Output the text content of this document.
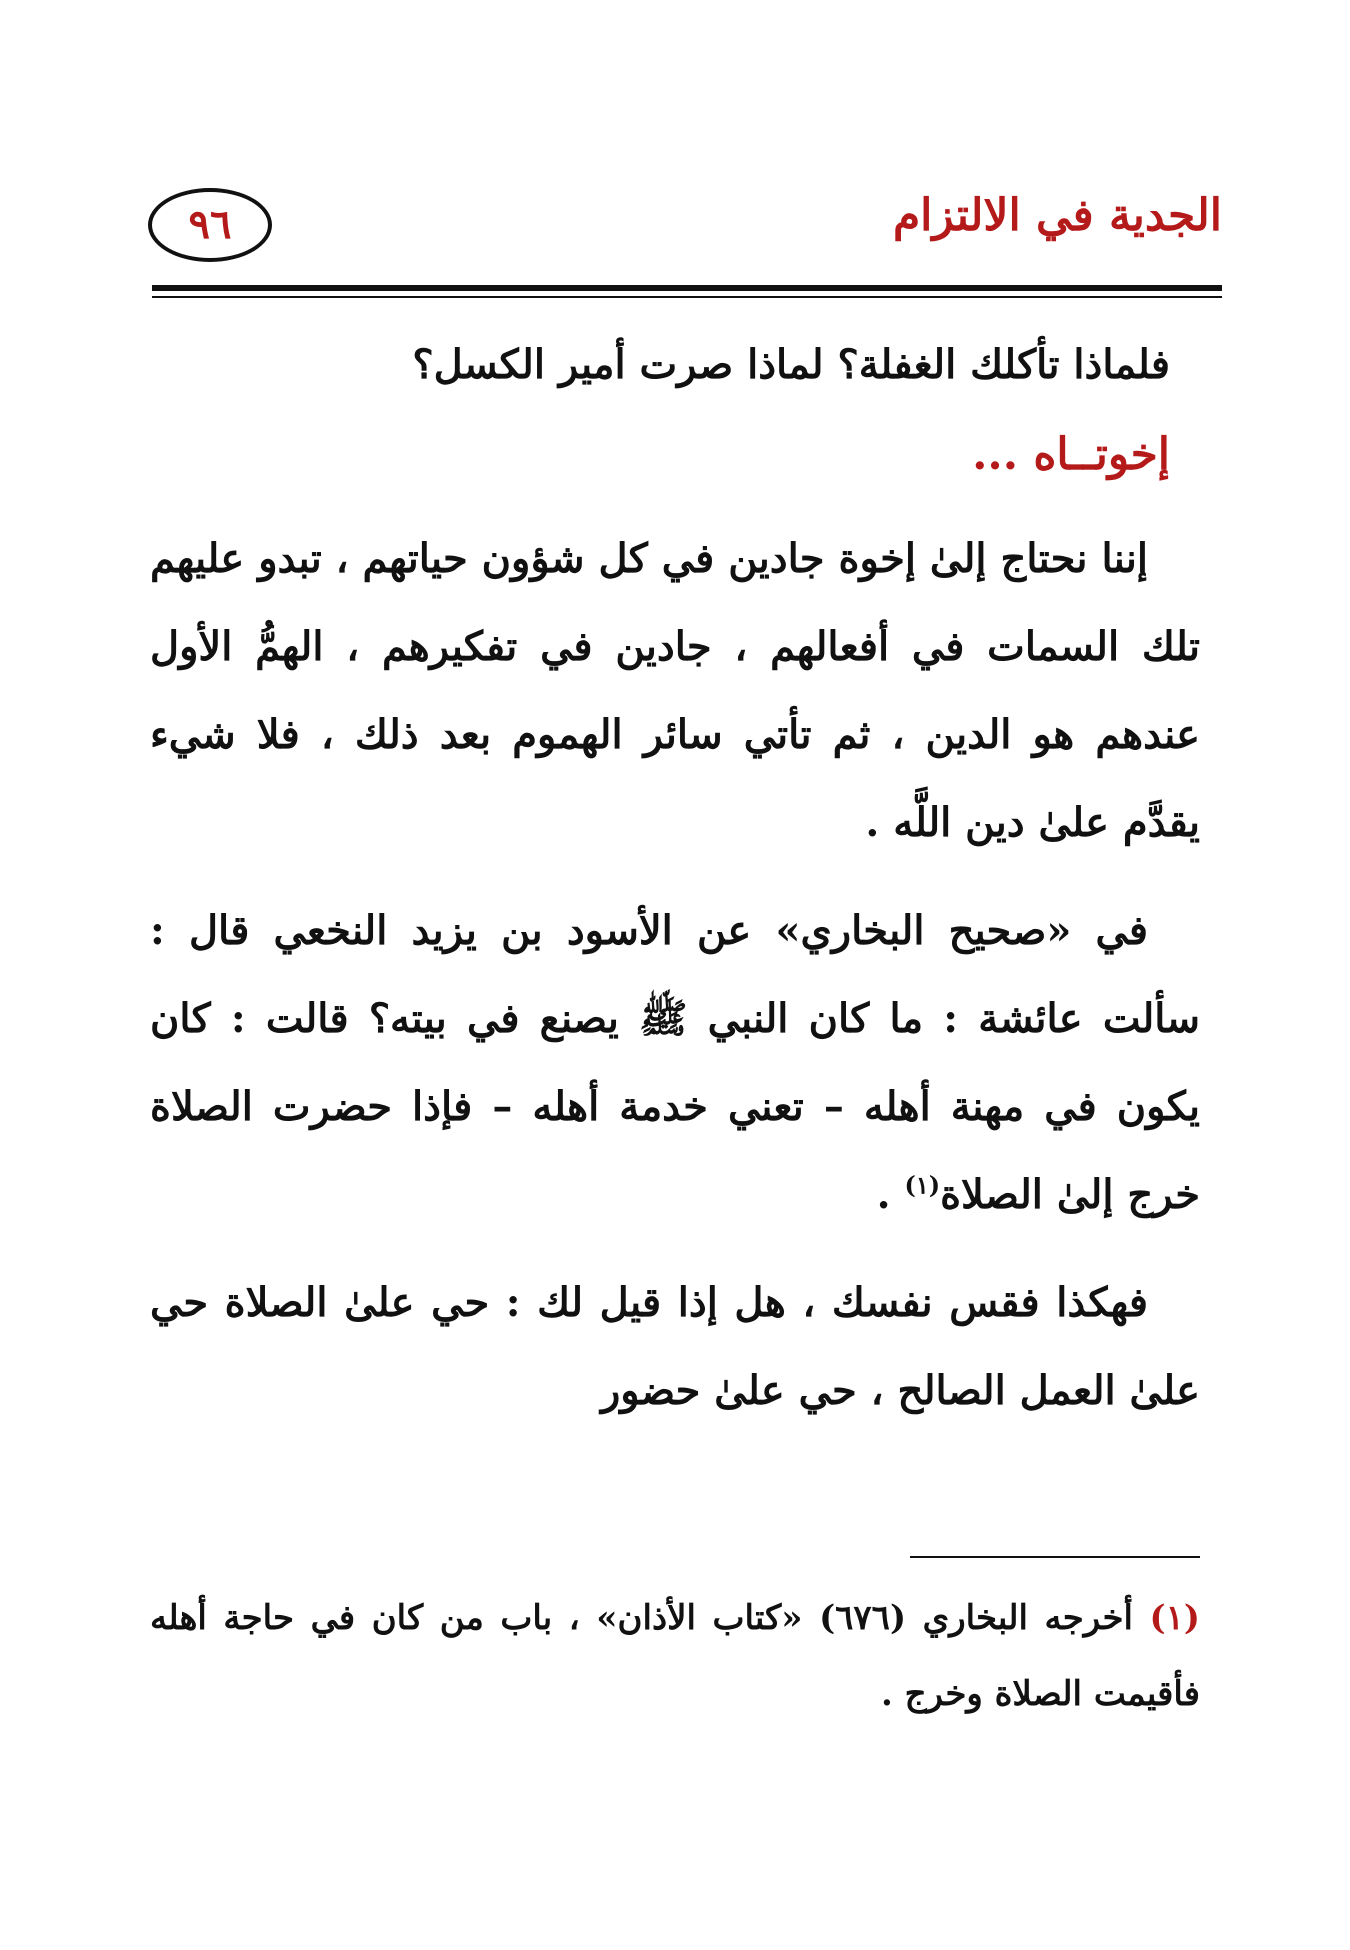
الجدية في الالتزام
٩٦

فلماذا تأكلك الغفلة؟ لماذا صرت أمير الكسل؟

إخوتــاه ...

إننا نحتاج إلىٰ إخوة جادين في كل شؤون حياتهم ، تبدو عليهم تلك السمات في أفعالهم ، جادين في تفكيرهم ، الهمُّ الأول عندهم هو الدين ، ثم تأتي سائر الهموم بعد ذلك ، فلا شيء يقدَّم علىٰ دين اللَّه .

في «صحيح البخاري» عن الأسود بن يزيد النخعي قال : سألت عائشة : ما كان النبي ﷺ يصنع في بيته؟ قالت : كان يكون في مهنة أهله – تعني خدمة أهله – فإذا حضرت الصلاة خرج إلىٰ الصلاة$^{(١)}$ .

فهكذا فقس نفسك ، هل إذا قيل لك : حي علىٰ الصلاة حي علىٰ العمل الصالح ، حي علىٰ حضور

(١) أخرجه البخاري (٦٧٦) «كتاب الأذان» ، باب من كان في حاجة أهله فأقيمت الصلاة وخرج .
